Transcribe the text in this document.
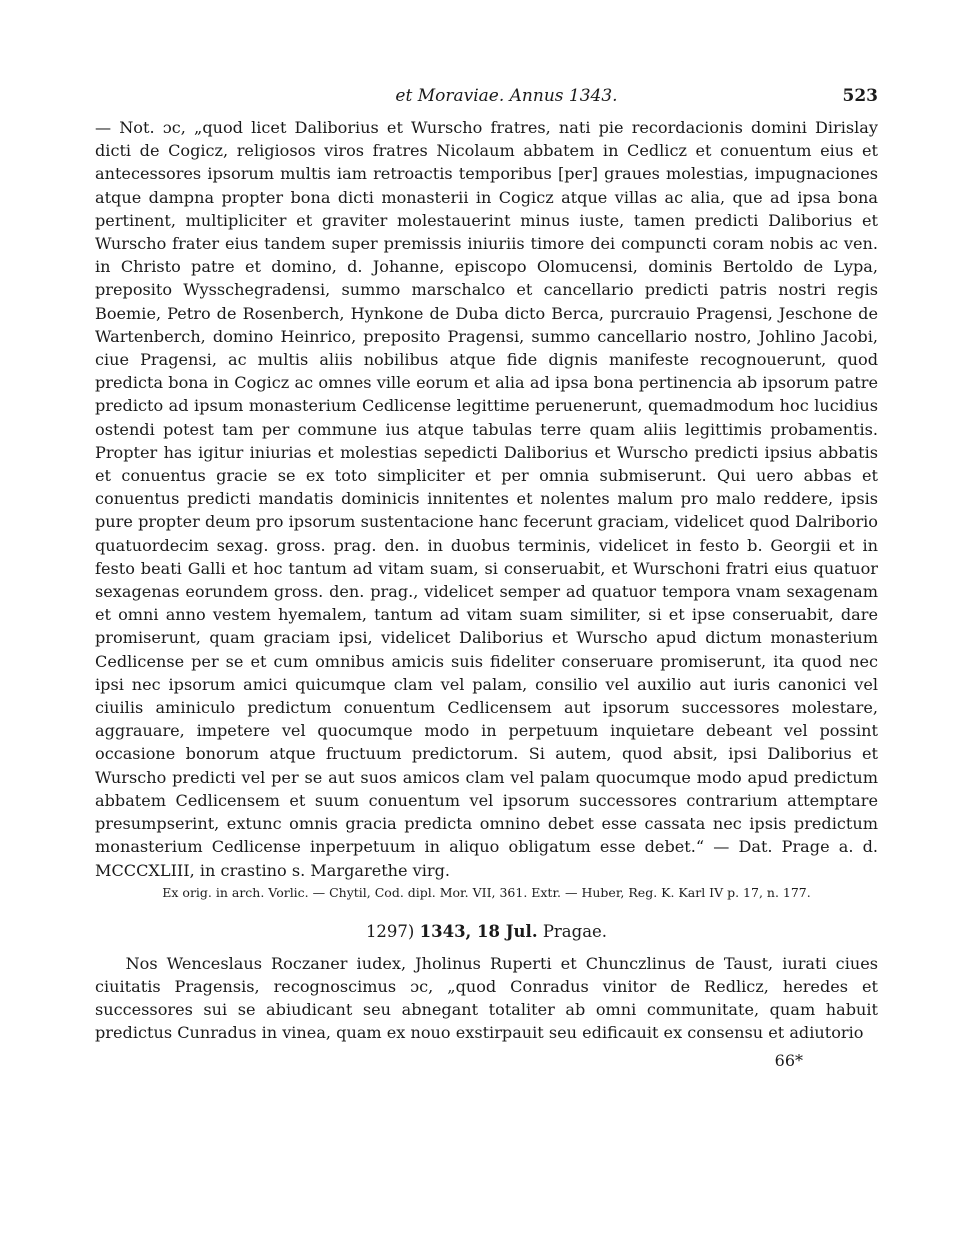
et Moraviae. Annus 1343.	523

— Not. ɔc, „quod licet Daliborius et Wurscho fratres, nati pie recordacionis domini Dirislay dicti de Cogicz, religiosos viros fratres Nicolaum abbatem in Cedlicz et conuentum eius et antecessores ipsorum multis iam retroactis temporibus [per] graues molestias, impugnaciones atque dampna propter bona dicti monasterii in Cogicz atque villas ac alia, que ad ipsa bona pertinent, multipliciter et graviter molestauerint minus iuste, tamen predicti Daliborius et Wurscho frater eius tandem super premissis iniuriis timore dei compuncti coram nobis ac ven. in Christo patre et domino, d. Johanne, episcopo Olomucensi, dominis Bertoldo de Lypa, preposito Wysschegradensi, summo marschalco et cancellario predicti patris nostri regis Boemie, Petro de Rosenberch, Hynkone de Duba dicto Berca, purcrauio Pragensi, Jeschone de Wartenberch, domino Heinrico, preposito Pragensi, summo cancellario nostro, Johlino Jacobi, ciue Pragensi, ac multis aliis nobilibus atque fide dignis manifeste recognouerunt, quod predicta bona in Cogicz ac omnes ville eorum et alia ad ipsa bona pertinencia ab ipsorum patre predicto ad ipsum monasterium Cedlicense legittime peruenerunt, quemadmodum hoc lucidius ostendi potest tam per commune ius atque tabulas terre quam aliis legittimis probamentis. Propter has igitur iniurias et molestias sepedicti Daliborius et Wurscho predicti ipsius abbatis et conuentus gracie se ex toto simpliciter et per omnia submiserunt. Qui uero abbas et conuentus predicti mandatis dominicis innitentes et nolentes malum pro malo reddere, ipsis pure propter deum pro ipsorum sustentacione hanc fecerunt graciam, videlicet quod Dalriborio quatuordecim sexag. gross. prag. den. in duobus terminis, videlicet in festo b. Georgii et in festo beati Galli et hoc tantum ad vitam suam, si conseruabit, et Wurschoni fratri eius quatuor sexagenas eorundem gross. den. prag., videlicet semper ad quatuor tempora vnam sexagenam et omni anno vestem hyemalem, tantum ad vitam suam similiter, si et ipse conseruabit, dare promiserunt, quam graciam ipsi, videlicet Daliborius et Wurscho apud dictum monasterium Cedlicense per se et cum omnibus amicis suis fideliter conseruare promiserunt, ita quod nec ipsi nec ipsorum amici quicumque clam vel palam, consilio vel auxilio aut iuris canonici vel ciuilis aminiculo predictum conuentum Cedlicensem aut ipsorum successores molestare, aggrauare, impetere vel quocumque modo in perpetuum inquietare debeant vel possint occasione bonorum atque fructuum predictorum. Si autem, quod absit, ipsi Daliborius et Wurscho predicti vel per se aut suos amicos clam vel palam quocumque modo apud predictum abbatem Cedlicensem et suum conuentum vel ipsorum successores contrarium attemptare presumpserint, extunc omnis gracia predicta omnino debet esse cassata nec ipsis predictum monasterium Cedlicense inperpetuum in aliquo obligatum esse debet.“ — Dat. Prage a. d. MCCCXLIII, in crastino s. Margarethe virg.

Ex orig. in arch. Vorlic. — Chytil, Cod. dipl. Mor. VII, 361. Extr. — Huber, Reg. K. Karl IV p. 17, n. 177.

1297) 1343, 18 Jul. Pragae.

Nos Wenceslaus Roczaner iudex, Jholinus Ruperti et Chunczlinus de Taust, iurati ciues ciuitatis Pragensis, recognoscimus ɔc, „quod Conradus vinitor de Redlicz, heredes et successores sui se abiudicant seu abnegant totaliter ab omni communitate, quam habuit predictus Cunradus in vinea, quam ex nouo exstirpauit seu edificauit ex consensu et adiutorio

66*
